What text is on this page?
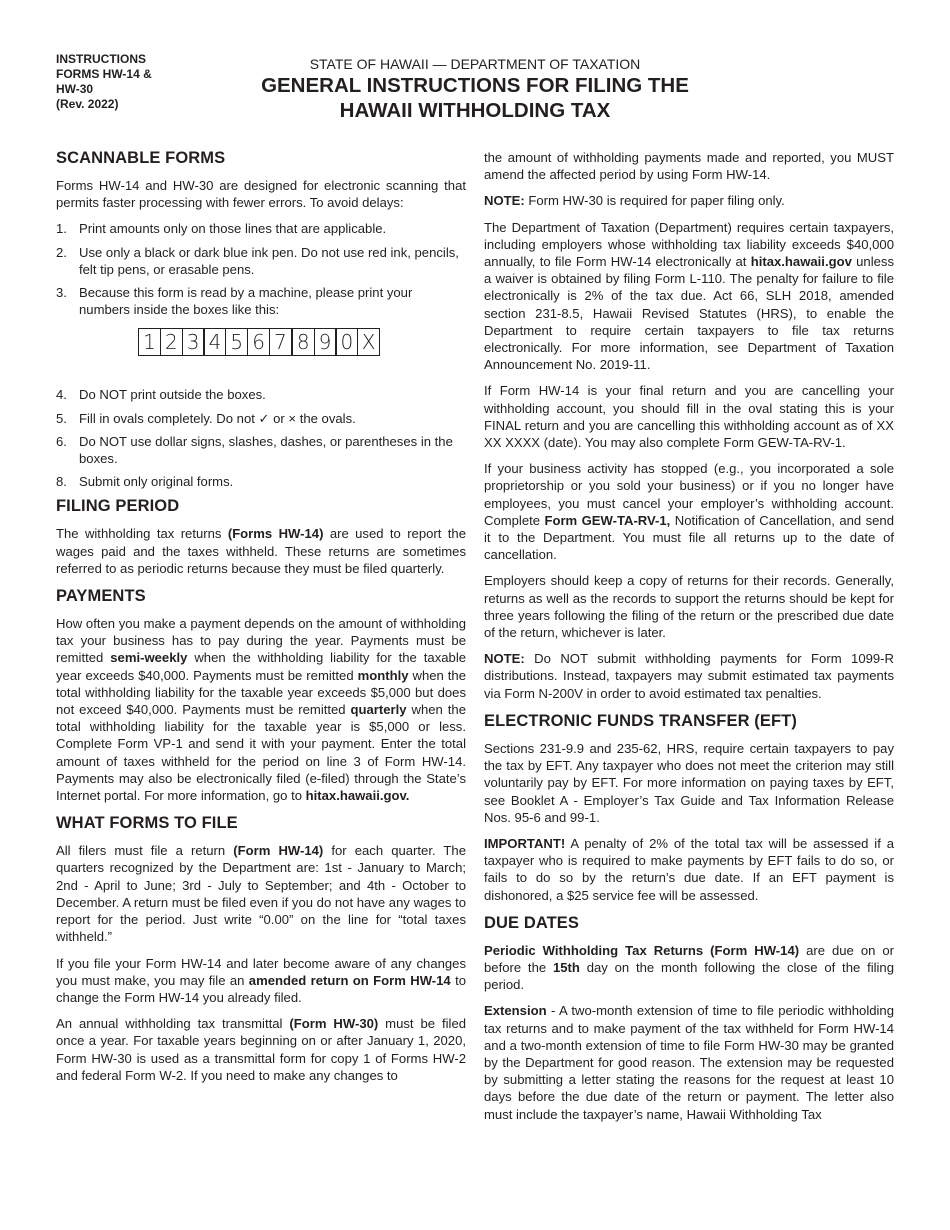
INSTRUCTIONS
FORMS HW-14 &
HW-30
(Rev. 2022)
STATE OF HAWAII — DEPARTMENT OF TAXATION
GENERAL INSTRUCTIONS FOR FILING THE
HAWAII WITHHOLDING TAX
SCANNABLE FORMS

Forms HW-14 and HW-30 are designed for electronic scanning that permits faster processing with fewer errors. To avoid delays:

1. Print amounts only on those lines that are applicable.
2. Use only a black or dark blue ink pen. Do not use red ink, pencils, felt tip pens, or erasable pens.
3. Because this form is read by a machine, please print your numbers inside the boxes like this:
1 2 3 4 5 6 7 8 9 0 X
4. Do NOT print outside the boxes.
5. Fill in ovals completely. Do not ✓ or × the ovals.
6. Do NOT use dollar signs, slashes, dashes, or parentheses in the boxes.
8. Submit only original forms.
FILING PERIOD

The withholding tax returns (Forms HW-14) are used to report the wages paid and the taxes withheld. These returns are sometimes referred to as periodic returns because they must be filed quarterly.

PAYMENTS

How often you make a payment depends on the amount of withholding tax your business has to pay during the year. Payments must be remitted semi-weekly when the withholding liability for the taxable year exceeds $40,000. Payments must be remitted monthly when the total withholding liability for the taxable year exceeds $5,000 but does not exceed $40,000. Payments must be remitted quarterly when the total withholding liability for the taxable year is $5,000 or less. Complete Form VP-1 and send it with your payment. Enter the total amount of taxes withheld for the period on line 3 of Form HW-14. Payments may also be electronically filed (e-filed) through the State’s Internet portal. For more information, go to hitax.hawaii.gov.

WHAT FORMS TO FILE

All filers must file a return (Form HW-14) for each quarter. The quarters recognized by the Department are: 1st - January to March; 2nd - April to June; 3rd - July to September; and 4th - October to December. A return must be filed even if you do not have any wages to report for the period. Just write “0.00” on the line for “total taxes withheld.”

If you file your Form HW-14 and later become aware of any changes you must make, you may file an amended return on Form HW-14 to change the Form HW-14 you already filed.

An annual withholding tax transmittal (Form HW-30) must be filed once a year. For taxable years beginning on or after January 1, 2020, Form HW-30 is used as a transmittal form for copy 1 of Forms HW-2 and federal Form W-2. If you need to make any changes to

the amount of withholding payments made and reported, you MUST amend the affected period by using Form HW-14.

NOTE: Form HW-30 is required for paper filing only.

The Department of Taxation (Department) requires certain taxpayers, including employers whose withholding tax liability exceeds $40,000 annually, to file Form HW-14 electronically at hitax.hawaii.gov unless a waiver is obtained by filing Form L-110. The penalty for failure to file electronically is 2% of the tax due. Act 66, SLH 2018, amended section 231-8.5, Hawaii Revised Statutes (HRS), to enable the Department to require certain taxpayers to file tax returns electronically. For more information, see Department of Taxation Announcement No. 2019-11.

If Form HW-14 is your final return and you are cancelling your withholding account, you should fill in the oval stating this is your FINAL return and you are cancelling this withholding account as of XX XX XXXX (date). You may also complete Form GEW-TA-RV-1.

If your business activity has stopped (e.g., you incorporated a sole proprietorship or you sold your business) or if you no longer have employees, you must cancel your employer’s withholding account. Complete Form GEW-TA-RV-1, Notification of Cancellation, and send it to the Department. You must file all returns up to the date of cancellation.

Employers should keep a copy of returns for their records. Generally, returns as well as the records to support the returns should be kept for three years following the filing of the return or the prescribed due date of the return, whichever is later.

NOTE: Do NOT submit withholding payments for Form 1099-R distributions. Instead, taxpayers may submit estimated tax payments via Form N-200V in order to avoid estimated tax penalties.

ELECTRONIC FUNDS TRANSFER (EFT)

Sections 231-9.9 and 235-62, HRS, require certain taxpayers to pay the tax by EFT. Any taxpayer who does not meet the criterion may still voluntarily pay by EFT. For more information on paying taxes by EFT, see Booklet A - Employer’s Tax Guide and Tax Information Release Nos. 95-6 and 99-1.

IMPORTANT! A penalty of 2% of the total tax will be assessed if a taxpayer who is required to make payments by EFT fails to do so, or fails to do so by the return’s due date. If an EFT payment is dishonored, a $25 service fee will be assessed.

DUE DATES

Periodic Withholding Tax Returns (Form HW-14) are due on or before the 15th day on the month following the close of the filing period.

Extension - A two-month extension of time to file periodic withholding tax returns and to make payment of the tax withheld for Form HW-14 and a two-month extension of time to file Form HW-30 may be granted by the Department for good reason. The extension may be requested by submitting a letter stating the reasons for the request at least 10 days before the due date of the return or payment. The letter also must include the taxpayer’s name, Hawaii Withholding Tax
